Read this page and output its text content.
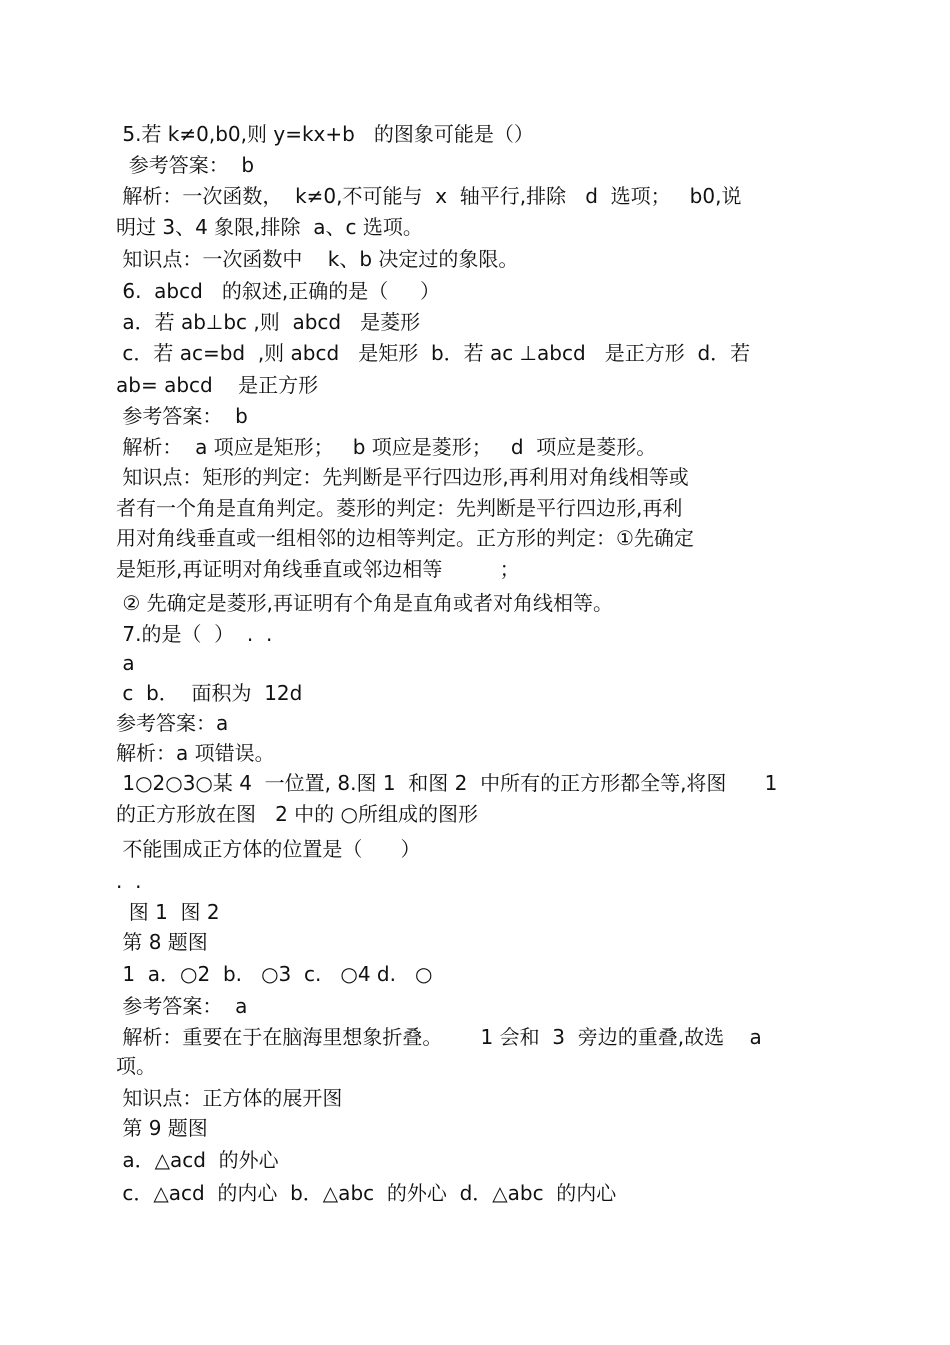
5.若 k≠0,b0,则 y=kx+b   的图象可能是（）
参考答案：  b
解析：一次函数，  k≠0,不可能与  x  轴平行,排除   d  选项；   b0,说
明过 3、4 象限,排除  a、c 选项。
知识点：一次函数中    k、b 决定过的象限。
6.  abcd   的叙述,正确的是（     ）
a．若 ab⊥bc ,则  abcd   是菱形
c．若 ac=bd  ,则 abcd   是矩形  b．若 ac ⊥abcd   是正方形  d．若
ab= abcd    是正方形
参考答案：  b
解析：  a 项应是矩形；   b 项应是菱形；   d  项应是菱形。
知识点：矩形的判定：先判断是平行四边形,再利用对角线相等或
者有一个角是直角判定。菱形的判定：先判断是平行四边形,再利
用对角线垂直或一组相邻的边相等判定。正方形的判定：①先确定
是矩形,再证明对角线垂直或邻边相等         ；
② 先确定是菱形,再证明有个角是直角或者对角线相等。
7.的是（  ）  .  .
a
c  b．  面积为  12d
参考答案：a
解析：a 项错误。
1○2○3○某 4  一位置, 8.图 1  和图 2  中所有的正方形都全等,将图      1
的正方形放在图   2 中的 ○所组成的图形
不能围成正方体的位置是（      ）
.  .
图 1  图 2
第 8 题图
1  a．○2  b.   ○3  c.   ○4 d.   ○
参考答案：  a
解析：重要在于在脑海里想象折叠。      1 会和  3  旁边的重叠,故选    a
项。
知识点：正方体的展开图
第 9 题图
a．△acd  的外心
c．△acd  的内心  b．△abc  的外心  d．△abc  的内心
